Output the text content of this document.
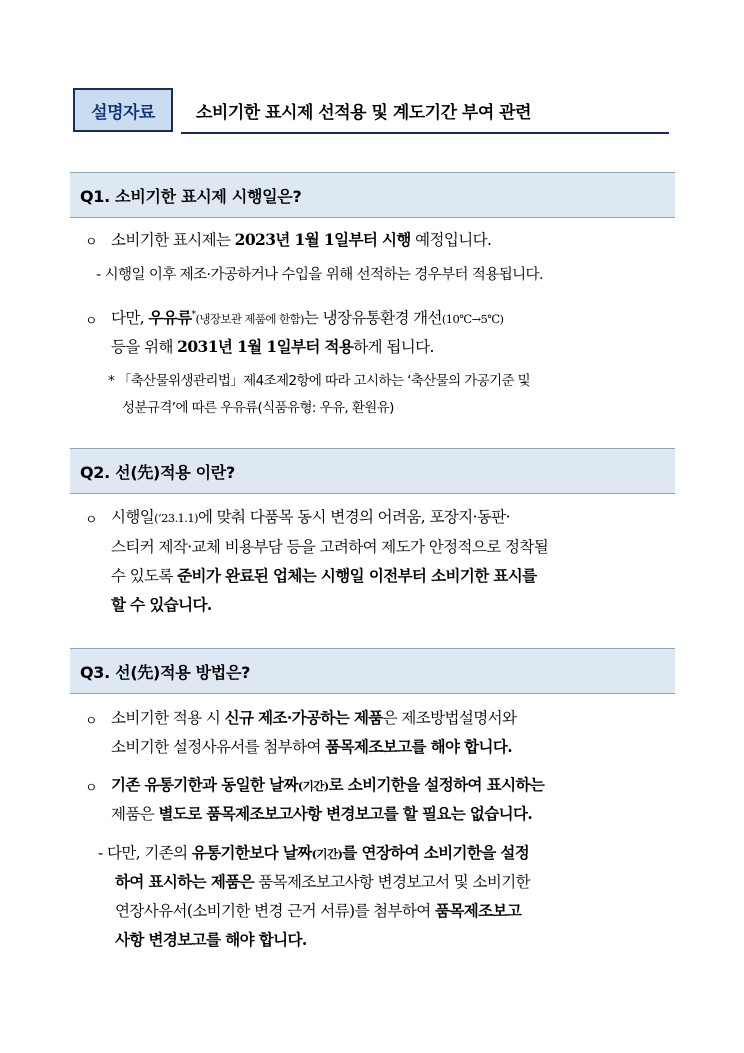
설명자료	소비기한 표시제 선적용 및 계도기간 부여 관련
Q1. 소비기한 표시제 시행일은?
ㅇ 소비기한 표시제는 2023년 1월 1일부터 시행 예정입니다.
- 시행일 이후 제조·가공하거나 수입을 위해 선적하는 경우부터 적용됩니다.
ㅇ 다만, 우유류*(냉장보관 제품에 한함)는 냉장유통환경 개선(10℃→5℃)
등을 위해 2031년 1월 1일부터 적용하게 됩니다.
* 「축산물위생관리법」제4조제2항에 따라 고시하는 ‘축산물의 가공기준 및
성분규격’에 따른 우유류(식품유형: 우유, 환원유)
Q2. 선(先)적용 이란?
ㅇ 시행일(’23.1.1)에 맞춰 다품목 동시 변경의 어려움, 포장지·동판·
스티커 제작·교체 비용부담 등을 고려하여 제도가 안정적으로 정착될
수 있도록 준비가 완료된 업체는 시행일 이전부터 소비기한 표시를
할 수 있습니다.
Q3. 선(先)적용 방법은?
ㅇ 소비기한 적용 시 신규 제조·가공하는 제품은 제조방법설명서와
소비기한 설정사유서를 첨부하여 품목제조보고를 해야 합니다.
ㅇ 기존 유통기한과 동일한 날짜(기간)로 소비기한을 설정하여 표시하는
제품은 별도로 품목제조보고사항 변경보고를 할 필요는 없습니다.
- 다만, 기존의 유통기한보다 날짜(기간)를 연장하여 소비기한을 설정
하여 표시하는 제품은 품목제조보고사항 변경보고서 및 소비기한
연장사유서(소비기한 변경 근거 서류)를 첨부하여 품목제조보고
사항 변경보고를 해야 합니다.
